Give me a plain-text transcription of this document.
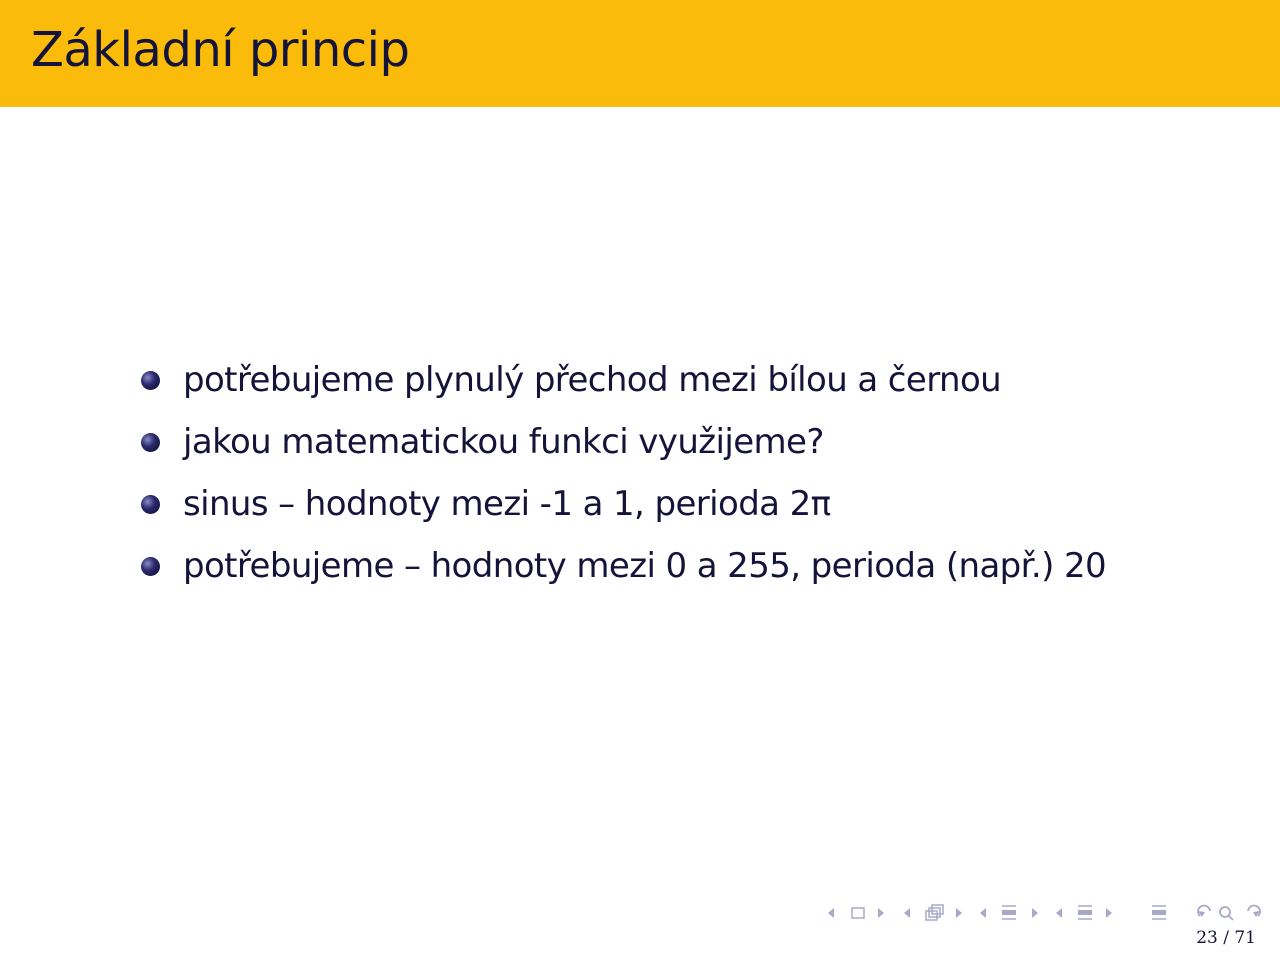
Základní princip
potřebujeme plynulý přechod mezi bílou a černou
jakou matematickou funkci využijeme?
sinus – hodnoty mezi -1 a 1, perioda 2π
potřebujeme – hodnoty mezi 0 a 255, perioda (např.) 20
23 / 71
